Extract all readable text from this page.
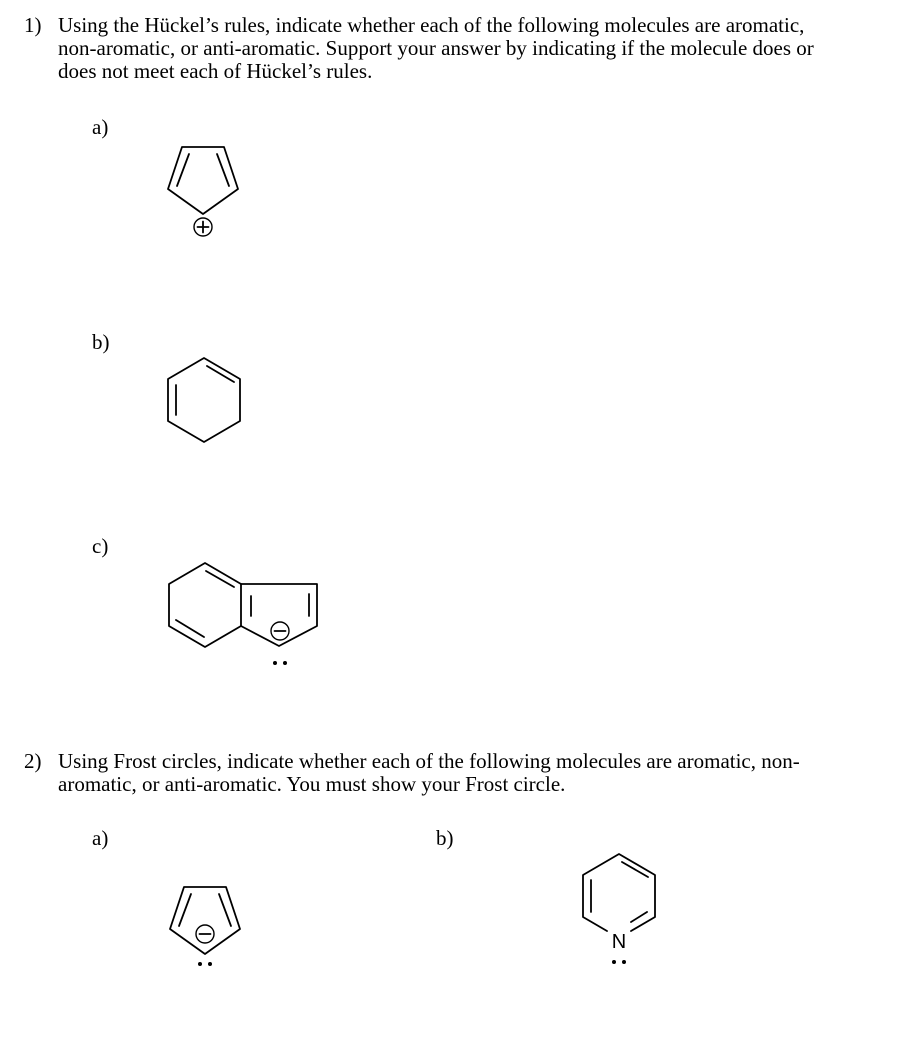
1) Using the Hückel’s rules, indicate whether each of the following molecules are aromatic,
non-aromatic, or anti-aromatic. Support your answer by indicating if the molecule does or
does not meet each of Hückel’s rules.
a)
b)
c)
2) Using Frost circles, indicate whether each of the following molecules are aromatic, non-
aromatic, or anti-aromatic. You must show your Frost circle.
a)	b)
N
